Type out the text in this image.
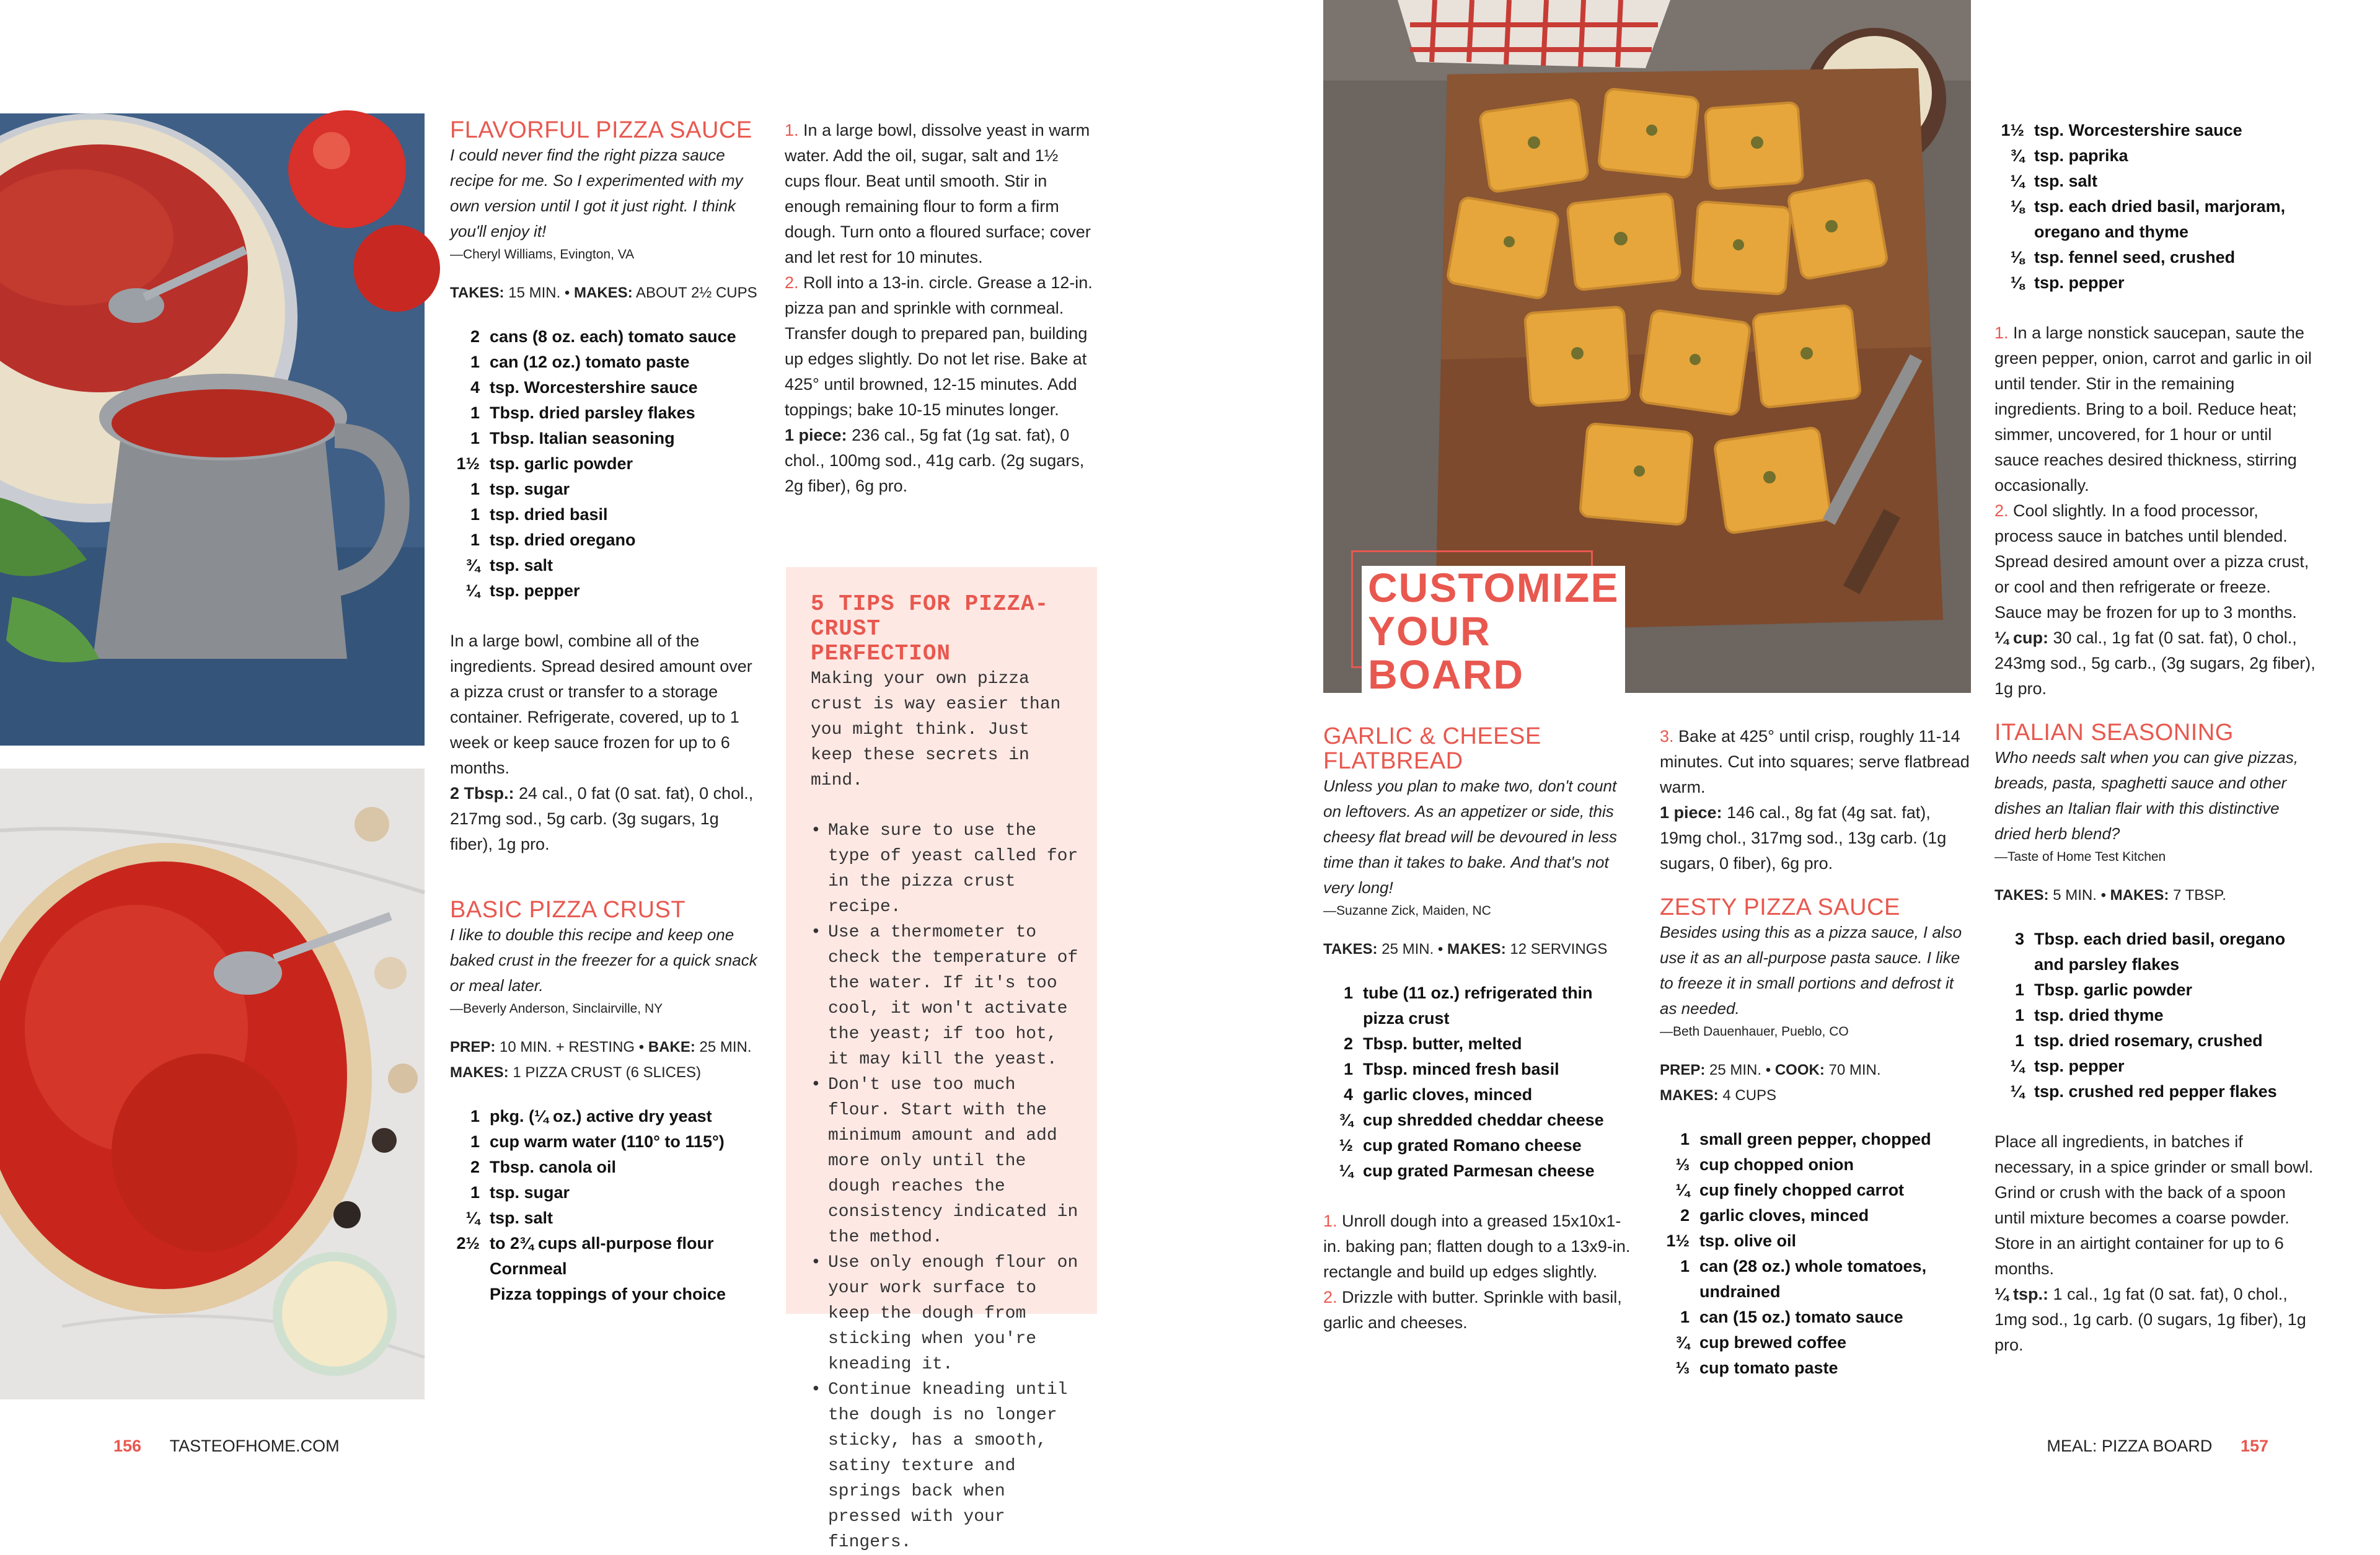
FLAVORFUL PIZZA SAUCE
I could never find the right pizza sauce recipe for me. So I experimented with my own version until I got it just right. I think you'll enjoy it!
—Cheryl Williams, Evington, VA
TAKES: 15 MIN. • MAKES: ABOUT 2½ CUPS
2 cans (8 oz. each) tomato sauce
1 can (12 oz.) tomato paste
4 tsp. Worcestershire sauce
1 Tbsp. dried parsley flakes
1 Tbsp. Italian seasoning
1½ tsp. garlic powder
1 tsp. sugar
1 tsp. dried basil
1 tsp. dried oregano
¾ tsp. salt
¼ tsp. pepper
In a large bowl, combine all of the ingredients. Spread desired amount over a pizza crust or transfer to a storage container. Refrigerate, covered, up to 1 week or keep sauce frozen for up to 6 months.
2 Tbsp.: 24 cal., 0 fat (0 sat. fat), 0 chol., 217mg sod., 5g carb. (3g sugars, 1g fiber), 1g pro.
BASIC PIZZA CRUST
I like to double this recipe and keep one baked crust in the freezer for a quick snack or meal later.
—Beverly Anderson, Sinclairville, NY
PREP: 10 MIN. + RESTING • BAKE: 25 MIN.
MAKES: 1 PIZZA CRUST (6 SLICES)
1 pkg. (¼ oz.) active dry yeast
1 cup warm water (110° to 115°)
2 Tbsp. canola oil
1 tsp. sugar
¼ tsp. salt
2½ to 2¾ cups all-purpose flour
Cornmeal
Pizza toppings of your choice
1. In a large bowl, dissolve yeast in warm water. Add the oil, sugar, salt and 1½ cups flour. Beat until smooth. Stir in enough remaining flour to form a firm dough. Turn onto a floured surface; cover and let rest for 10 minutes.
2. Roll into a 13-in. circle. Grease a 12-in. pizza pan and sprinkle with cornmeal. Transfer dough to prepared pan, building up edges slightly. Do not let rise. Bake at 425° until browned, 12-15 minutes. Add toppings; bake 10-15 minutes longer.
1 piece: 236 cal., 5g fat (1g sat. fat), 0 chol., 100mg sod., 41g carb. (2g sugars, 2g fiber), 6g pro.
5 TIPS FOR PIZZA-CRUST
PERFECTION

Making your own pizza crust is way easier than you might think. Just keep these secrets in mind.

• Make sure to use the type of yeast called for in the pizza crust recipe.
• Use a thermometer to check the temperature of the water. If it's too cool, it won't activate the yeast; if too hot, it may kill the yeast.
• Don't use too much flour. Start with the minimum amount and add more only until the dough reaches the consistency indicated in the method.
• Use only enough flour on your work surface to keep the dough from sticking when you're kneading it.
• Continue kneading until the dough is no longer sticky, has a smooth, satiny texture and springs back when pressed with your fingers.
156 TASTEOFHOME.COM
CUSTOMIZE
YOUR BOARD
GARLIC & CHEESE
FLATBREAD
Unless you plan to make two, don't count on leftovers. As an appetizer or side, this cheesy flat bread will be devoured in less time than it takes to bake. And that's not very long!
—Suzanne Zick, Maiden, NC
TAKES: 25 MIN. • MAKES: 12 SERVINGS
1 tube (11 oz.) refrigerated thin pizza crust
2 Tbsp. butter, melted
1 Tbsp. minced fresh basil
4 garlic cloves, minced
¾ cup shredded cheddar cheese
½ cup grated Romano cheese
¼ cup grated Parmesan cheese
1. Unroll dough into a greased 15x10x1-in. baking pan; flatten dough to a 13x9-in. rectangle and build up edges slightly.
2. Drizzle with butter. Sprinkle with basil, garlic and cheeses.
3. Bake at 425° until crisp, roughly 11-14 minutes. Cut into squares; serve flatbread warm.
1 piece: 146 cal., 8g fat (4g sat. fat), 19mg chol., 317mg sod., 13g carb. (1g sugars, 0 fiber), 6g pro.
ZESTY PIZZA SAUCE
Besides using this as a pizza sauce, I also use it as an all-purpose pasta sauce. I like to freeze it in small portions and defrost it as needed.
—Beth Dauenhauer, Pueblo, CO
PREP: 25 MIN. • COOK: 70 MIN.
MAKES: 4 CUPS
1 small green pepper, chopped
⅓ cup chopped onion
¼ cup finely chopped carrot
2 garlic cloves, minced
1½ tsp. olive oil
1 can (28 oz.) whole tomatoes, undrained
1 can (15 oz.) tomato sauce
¾ cup brewed coffee
⅓ cup tomato paste
1½ tsp. Worcestershire sauce
¾ tsp. paprika
¼ tsp. salt
⅛ tsp. each dried basil, marjoram, oregano and thyme
⅛ tsp. fennel seed, crushed
⅛ tsp. pepper
1. In a large nonstick saucepan, saute the green pepper, onion, carrot and garlic in oil until tender. Stir in the remaining ingredients. Bring to a boil. Reduce heat; simmer, uncovered, for 1 hour or until sauce reaches desired thickness, stirring occasionally.
2. Cool slightly. In a food processor, process sauce in batches until blended. Spread desired amount over a pizza crust, or cool and then refrigerate or freeze. Sauce may be frozen for up to 3 months.
¼ cup: 30 cal., 1g fat (0 sat. fat), 0 chol., 243mg sod., 5g carb., (3g sugars, 2g fiber), 1g pro.
ITALIAN SEASONING
Who needs salt when you can give pizzas, breads, pasta, spaghetti sauce and other dishes an Italian flair with this distinctive dried herb blend?
—Taste of Home Test Kitchen
TAKES: 5 MIN. • MAKES: 7 TBSP.
3 Tbsp. each dried basil, oregano and parsley flakes
1 Tbsp. garlic powder
1 tsp. dried thyme
1 tsp. dried rosemary, crushed
¼ tsp. pepper
¼ tsp. crushed red pepper flakes
Place all ingredients, in batches if necessary, in a spice grinder or small bowl. Grind or crush with the back of a spoon until mixture becomes a coarse powder. Store in an airtight container for up to 6 months.
¼ tsp.: 1 cal., 1g fat (0 sat. fat), 0 chol., 1mg sod., 1g carb. (0 sugars, 1g fiber), 1g pro.
MEAL: PIZZA BOARD 157
